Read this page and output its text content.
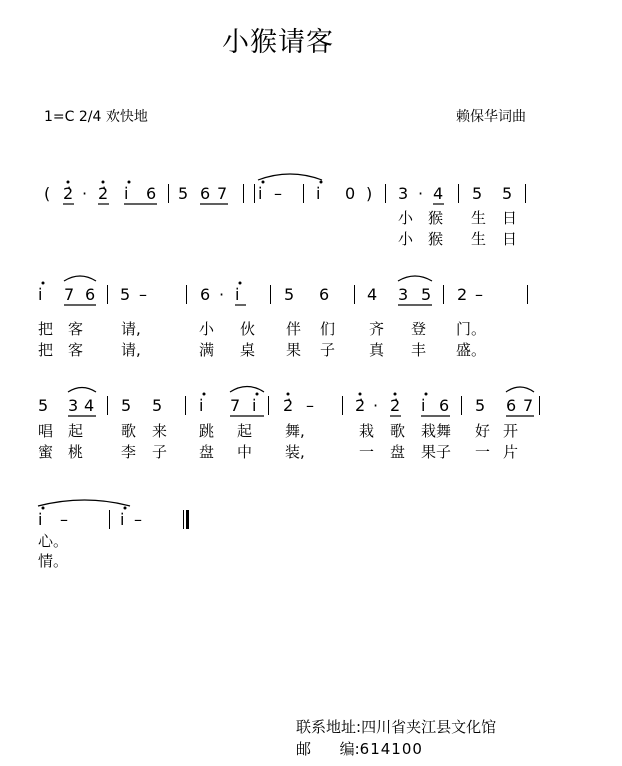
小猴请客
1=C 2/4 欢快地	赖保华词曲
( 2̇ · 2̇ i̇ 6 5 6 7 i̇ – i̇ 0 ) 3 · 4 5 5
小 猴 生 日
小 猴 生 日
i̇ 7 6 5 –	6 · i̇	5 6 4 3 5 2 –
把 客	请,	小 伙 伴 们 齐 登 门。
把 客	请,	满 桌 果 子 真 丰 盛。
5 3 4 5 5 i̇ 7 i̇ 2̇ –	2̇ · 2̇ i̇ 6 5 6 7
唱 起	歌 来 跳 起 舞,	栽 歌 栽舞 好 开
蜜 桃	李 子 盘 中 装,	一 盘 果子 一 片
i̇ –	i̇ –
心。
情。
联系地址:四川省夹江县文化馆
邮      编:614100
